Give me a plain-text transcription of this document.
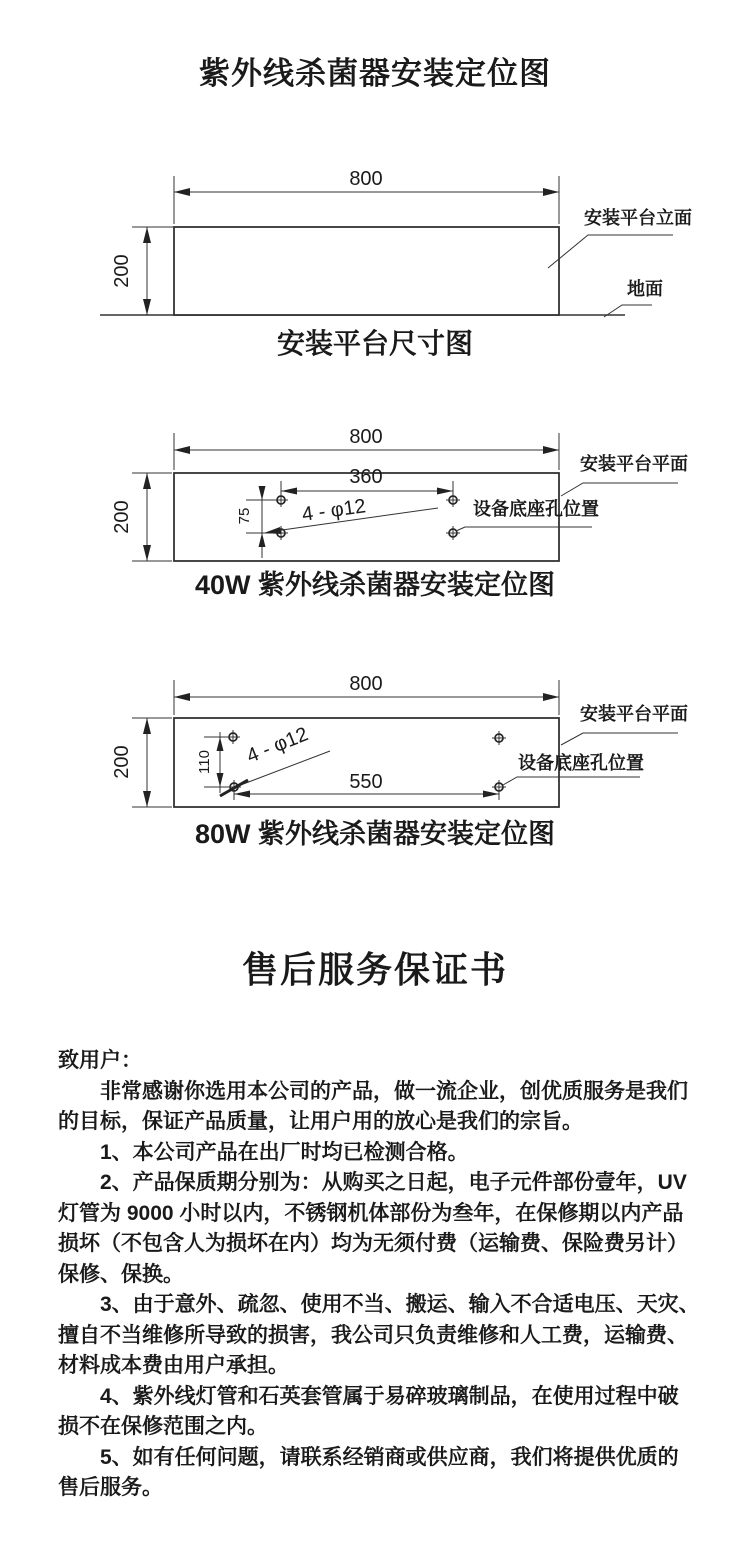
紫外线杀菌器安装定位图
800
200
安装平台立面
地面
安装平台尺寸图
800
200
360
75 4 - φ12
安装平台平面
设备底座孔位置
40W 紫外线杀菌器安装定位图
800
200	110 4 - φ12
550
安装平台平面
设备底座孔位置
80W 紫外线杀菌器安装定位图
售后服务保证书
致用户：
非常感谢你选用本公司的产品，做一流企业，创优质服务是我们
的目标，保证产品质量，让用户用的放心是我们的宗旨。
1、本公司产品在出厂时均已检测合格。
2、产品保质期分别为：从购买之日起，电子元件部份壹年，UV
灯管为 9000 小时以内，不锈钢机体部份为叁年，在保修期以内产品
损坏（不包含人为损坏在内）均为无须付费（运输费、保险费另计）
保修、保换。
3、由于意外、疏忽、使用不当、搬运、输入不合适电压、天灾、
擅自不当维修所导致的损害，我公司只负责维修和人工费，运输费、
材料成本费由用户承担。
4、紫外线灯管和石英套管属于易碎玻璃制品，在使用过程中破
损不在保修范围之内。
5、如有任何问题，请联系经销商或供应商，我们将提供优质的
售后服务。
